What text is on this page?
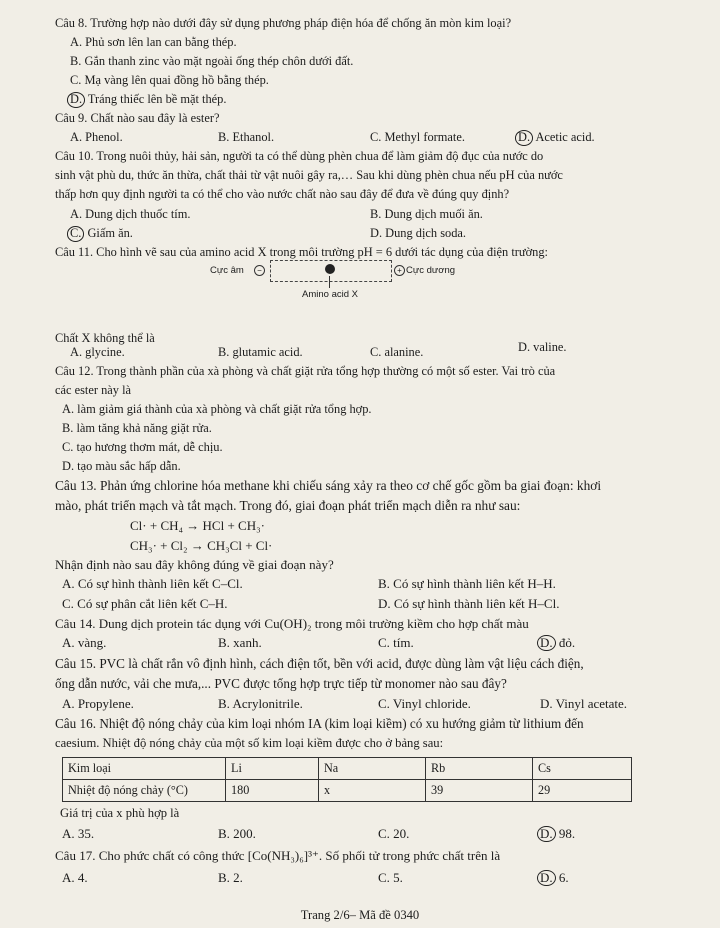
Câu 8. Trường hợp nào dưới đây sử dụng phương pháp điện hóa để chống ăn mòn kim loại?
A. Phủ sơn lên lan can bằng thép.
B. Gắn thanh zinc vào mặt ngoài ống thép chôn dưới đất.
C. Mạ vàng lên quai đồng hồ bằng thép.
D. Tráng thiếc lên bề mặt thép.
Câu 9. Chất nào sau đây là ester?
A. Phenol.	B. Ethanol.	C. Methyl formate.	D. Acetic acid.
Câu 10. Trong nuôi thủy, hải sản, người ta có thể dùng phèn chua để làm giảm độ đục của nước do
sinh vật phù du, thức ăn thừa, chất thải từ vật nuôi gây ra,… Sau khi dùng phèn chua nếu pH của nước
thấp hơn quy định người ta có thể cho vào nước chất nào sau đây để đưa về đúng quy định?
A. Dung dịch thuốc tím.	B. Dung dịch muối ăn.
C. Giấm ăn.	D. Dung dịch soda.
Câu 11. Cho hình vẽ sau của amino acid X trong môi trường pH = 6 dưới tác dụng của điện trường:
Cực âm	−	+ Cực dương
Amino acid X
Chất X không thể là
A. glycine.	B. glutamic acid.	C. alanine.	D. valine.
Câu 12. Trong thành phần của xà phòng và chất giặt rửa tổng hợp thường có một số ester. Vai trò của
các ester này là
A. làm giảm giá thành của xà phòng và chất giặt rửa tổng hợp.
B. làm tăng khả năng giặt rửa.
C. tạo hương thơm mát, dễ chịu.
D. tạo màu sắc hấp dẫn.
Câu 13. Phản ứng chlorine hóa methane khi chiếu sáng xảy ra theo cơ chế gốc gồm ba giai đoạn: khơi
mào, phát triển mạch và tắt mạch. Trong đó, giai đoạn phát triển mạch diễn ra như sau:
Cl· + CH₄ → HCl + CH₃·
CH₃· + Cl₂ → CH₃Cl + Cl·
Nhận định nào sau đây không đúng về giai đoạn này?
A. Có sự hình thành liên kết C–Cl.	B. Có sự hình thành liên kết H–H.
C. Có sự phân cắt liên kết C–H.	D. Có sự hình thành liên kết H–Cl.
Câu 14. Dung dịch protein tác dụng với Cu(OH)₂ trong môi trường kiềm cho hợp chất màu
A. vàng.	B. xanh.	C. tím.	D. đỏ.
Câu 15. PVC là chất rắn vô định hình, cách điện tốt, bền với acid, được dùng làm vật liệu cách điện,
ống dẫn nước, vải che mưa,... PVC được tổng hợp trực tiếp từ monomer nào sau đây?
A. Propylene.	B. Acrylonitrile.	C. Vinyl chloride.	D. Vinyl acetate.
Câu 16. Nhiệt độ nóng chảy của kim loại nhóm IA (kim loại kiềm) có xu hướng giảm từ lithium đến
caesium. Nhiệt độ nóng chảy của một số kim loại kiềm được cho ở bảng sau:
Kim loại	Li	Na	Rb	Cs
Nhiệt độ nóng chảy (°C)	180	x	39	29
Giá trị của x phù hợp là
A. 35.	B. 200.	C. 20.	D. 98.
Câu 17. Cho phức chất có công thức [Co(NH₃)₆]³⁺. Số phối tử trong phức chất trên là
A. 4.	B. 2.	C. 5.	D. 6.
Trang 2/6– Mã đề 0340
